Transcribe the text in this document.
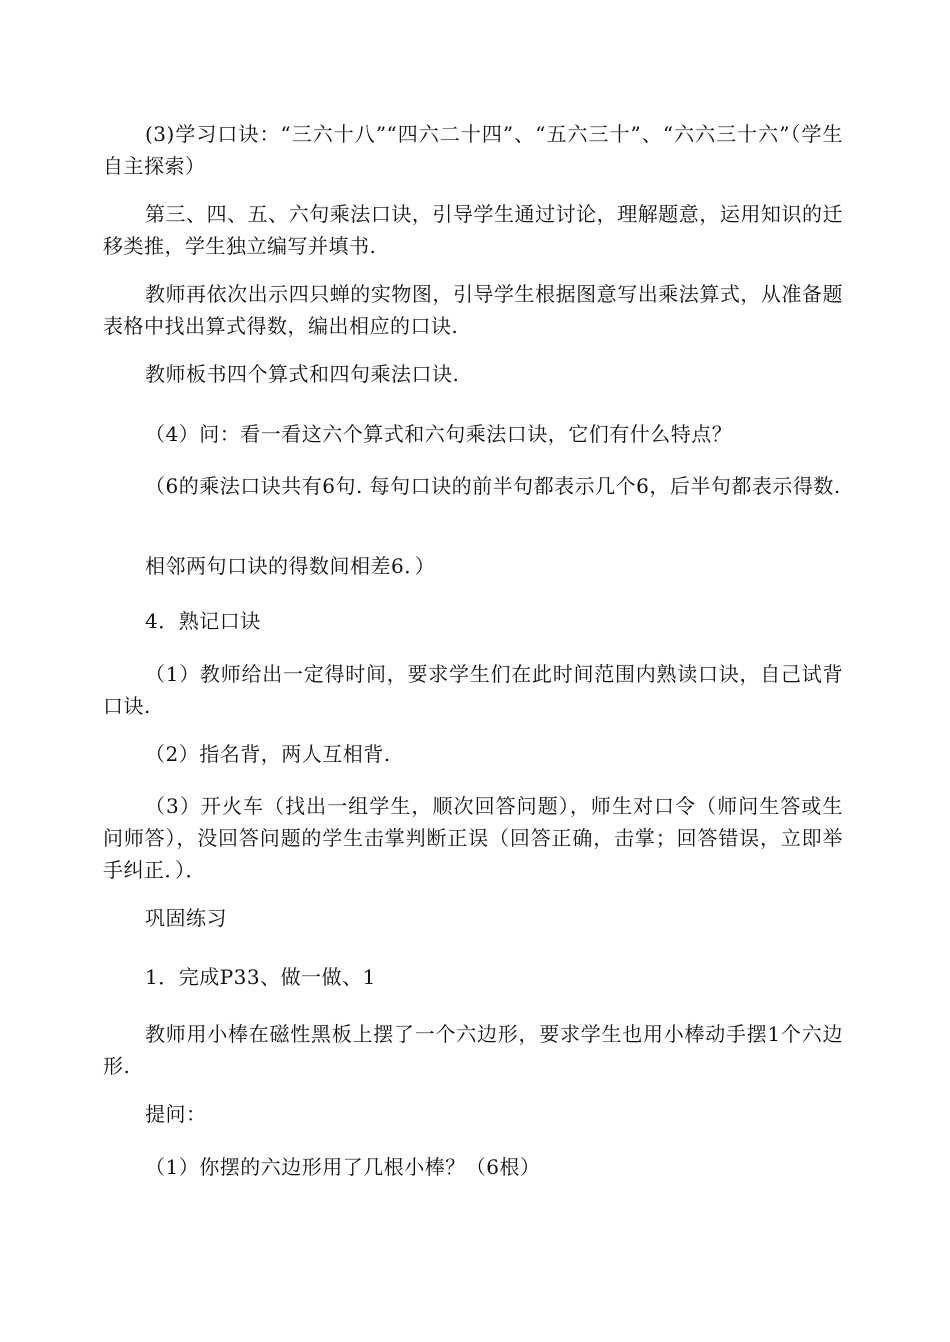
(3)学习口诀：“三六十八”“四六二十四”、“五六三十”、“六六三十六”（学生自主探索）

第三、四、五、六句乘法口诀，引导学生通过讨论，理解题意，运用知识的迁移类推，学生独立编写并填书.

教师再依次出示四只蝉的实物图，引导学生根据图意写出乘法算式，从准备题表格中找出算式得数，编出相应的口诀.

教师板书四个算式和四句乘法口诀.

（4）问：看一看这六个算式和六句乘法口诀，它们有什么特点？

（6的乘法口诀共有6句. 每句口诀的前半句都表示几个6，后半句都表示得数.

相邻两句口诀的得数间相差6．）

4．熟记口诀

（1）教师给出一定得时间，要求学生们在此时间范围内熟读口诀，自己试背口诀.

（2）指名背，两人互相背.

（3）开火车（找出一组学生，顺次回答问题），师生对口令（师问生答或生问师答），没回答问题的学生击掌判断正误（回答正确，击掌；回答错误，立即举手纠正．）．

巩固练习

1．完成P33、做一做、1

教师用小棒在磁性黑板上摆了一个六边形，要求学生也用小棒动手摆1个六边形.

提问：

（1）你摆的六边形用了几根小棒？（6根）
